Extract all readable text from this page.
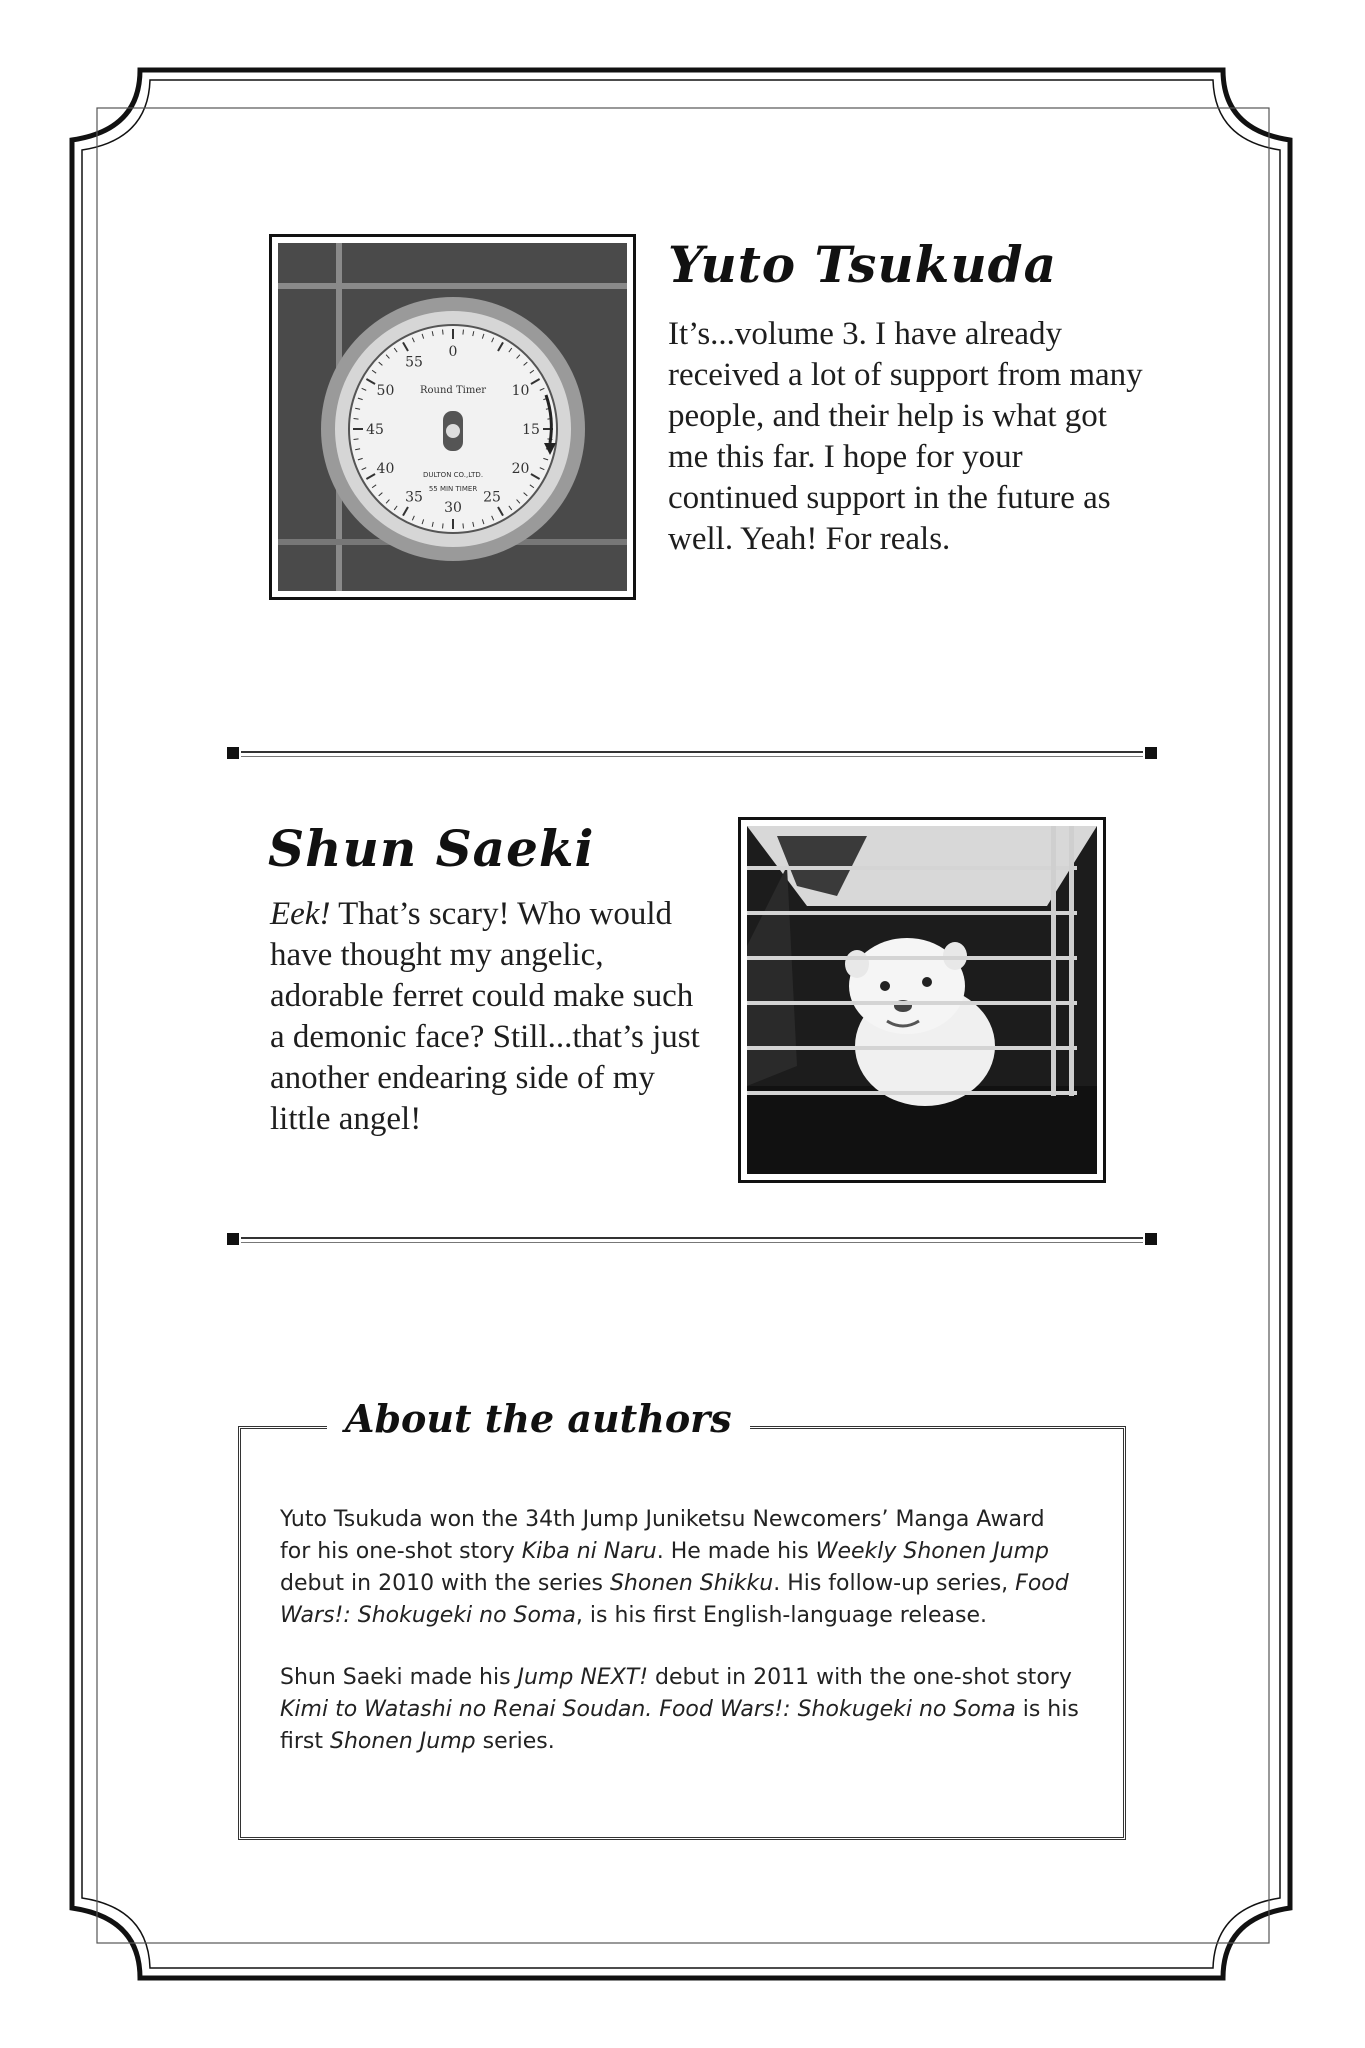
0
10
15
20
25
30
35
40
45
50
55
Round Timer
DULTON CO.,LTD.
55 MIN TIMER
Yuto Tsukuda

It’s...volume 3. I have already received a lot of support from many people, and their help is what got me this far. I hope for your continued support in the future as well. Yeah! For reals.

Shun Saeki

Eek! That’s scary! Who would have thought my angelic, adorable ferret could make such a demonic face? Still...that’s just another endearing side of my little angel!

About the authors

Yuto Tsukuda won the 34th Jump Juniketsu Newcomers’ Manga Award for his one-shot story Kiba ni Naru. He made his Weekly Shonen Jump debut in 2010 with the series Shonen Shikku. His follow-up series, Food Wars!: Shokugeki no Soma, is his first English-language release.

Shun Saeki made his Jump NEXT! debut in 2011 with the one-shot story Kimi to Watashi no Renai Soudan. Food Wars!: Shokugeki no Soma is his first Shonen Jump series.
